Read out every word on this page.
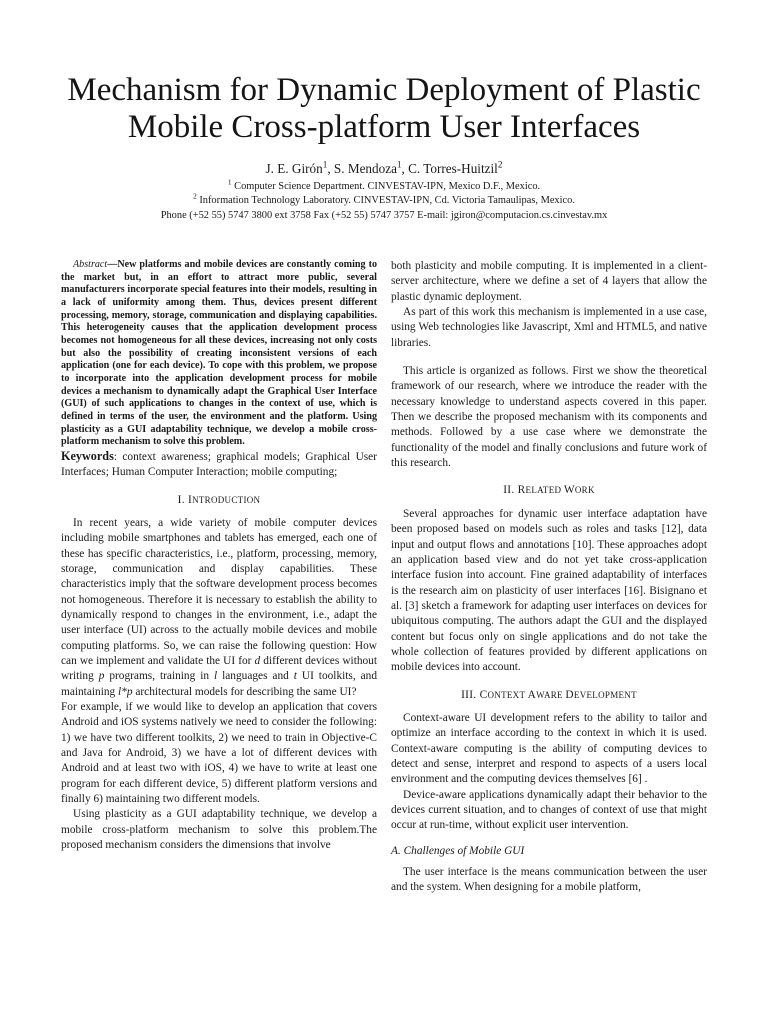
Mechanism for Dynamic Deployment of Plastic
Mobile Cross-platform User Interfaces

J. E. Girón$^1$, S. Mendoza$^1$, C. Torres-Huitzil$^2$

$^1$ Computer Science Department. CINVESTAV-IPN, Mexico D.F., Mexico.

$^2$ Information Technology Laboratory. CINVESTAV-IPN, Cd. Victoria Tamaulipas, Mexico.

Phone (+52 55) 5747 3800 ext 3758 Fax (+52 55) 5747 3757 E-mail: jgiron@computacion.cs.cinvestav.mx

Abstract—New platforms and mobile devices are constantly coming to the market but, in an effort to attract more public, several manufacturers incorporate special features into their models, resulting in a lack of uniformity among them. Thus, devices present different processing, memory, storage, communication and displaying capabilities. This heterogeneity causes that the application development process becomes not homogeneous for all these devices, increasing not only costs but also the possibility of creating inconsistent versions of each application (one for each device). To cope with this problem, we propose to incorporate into the application development process for mobile devices a mechanism to dynamically adapt the Graphical User Interface (GUI) of such applications to changes in the context of use, which is defined in terms of the user, the environment and the platform. Using plasticity as a GUI adaptability technique, we develop a mobile cross-platform mechanism to solve this problem.

Keywords: context awareness; graphical models; Graphical User Interfaces; Human Computer Interaction; mobile computing;

I. INTRODUCTION

In recent years, a wide variety of mobile computer devices including mobile smartphones and tablets has emerged, each one of these has specific characteristics, i.e., platform, processing, memory, storage, communication and display capabilities. These characteristics imply that the software development process becomes not homogeneous. Therefore it is necessary to establish the ability to dynamically respond to changes in the environment, i.e., adapt the user interface (UI) across to the actually mobile devices and mobile computing platforms. So, we can raise the following question: How can we implement and validate the UI for d different devices without writing p programs, training in l languages and t UI toolkits, and maintaining l*p architectural models for describing the same UI?

For example, if we would like to develop an application that covers Android and iOS systems natively we need to consider the following: 1) we have two different toolkits, 2) we need to train in Objective-C and Java for Android, 3) we have a lot of different devices with Android and at least two with iOS, 4) we have to write at least one program for each different device, 5) different platform versions and finally 6) maintaining two different models.

Using plasticity as a GUI adaptability technique, we develop a mobile cross-platform mechanism to solve this problem.The proposed mechanism considers the dimensions that involve

both plasticity and mobile computing. It is implemented in a client-server architecture, where we define a set of 4 layers that allow the plastic dynamic deployment.

As part of this work this mechanism is implemented in a use case, using Web technologies like Javascript, Xml and HTML5, and native libraries.

This article is organized as follows. First we show the theoretical framework of our research, where we introduce the reader with the necessary knowledge to understand aspects covered in this paper. Then we describe the proposed mechanism with its components and methods. Followed by a use case where we demonstrate the functionality of the model and finally conclusions and future work of this research.

II. RELATED WORK

Several approaches for dynamic user interface adaptation have been proposed based on models such as roles and tasks [12], data input and output flows and annotations [10]. These approaches adopt an application based view and do not yet take cross-application interface fusion into account. Fine grained adaptability of interfaces is the research aim on plasticity of user interfaces [16]. Bisignano et al. [3] sketch a framework for adapting user interfaces on devices for ubiquitous computing. The authors adapt the GUI and the displayed content but focus only on single applications and do not take the whole collection of features provided by different applications on mobile devices into account.

III. CONTEXT AWARE DEVELOPMENT

Context-aware UI development refers to the ability to tailor and optimize an interface according to the context in which it is used. Context-aware computing is the ability of computing devices to detect and sense, interpret and respond to aspects of a users local environment and the computing devices themselves [6] .

Device-aware applications dynamically adapt their behavior to the devices current situation, and to changes of context of use that might occur at run-time, without explicit user intervention.

A. Challenges of Mobile GUI

The user interface is the means communication between the user and the system. When designing for a mobile platform,
